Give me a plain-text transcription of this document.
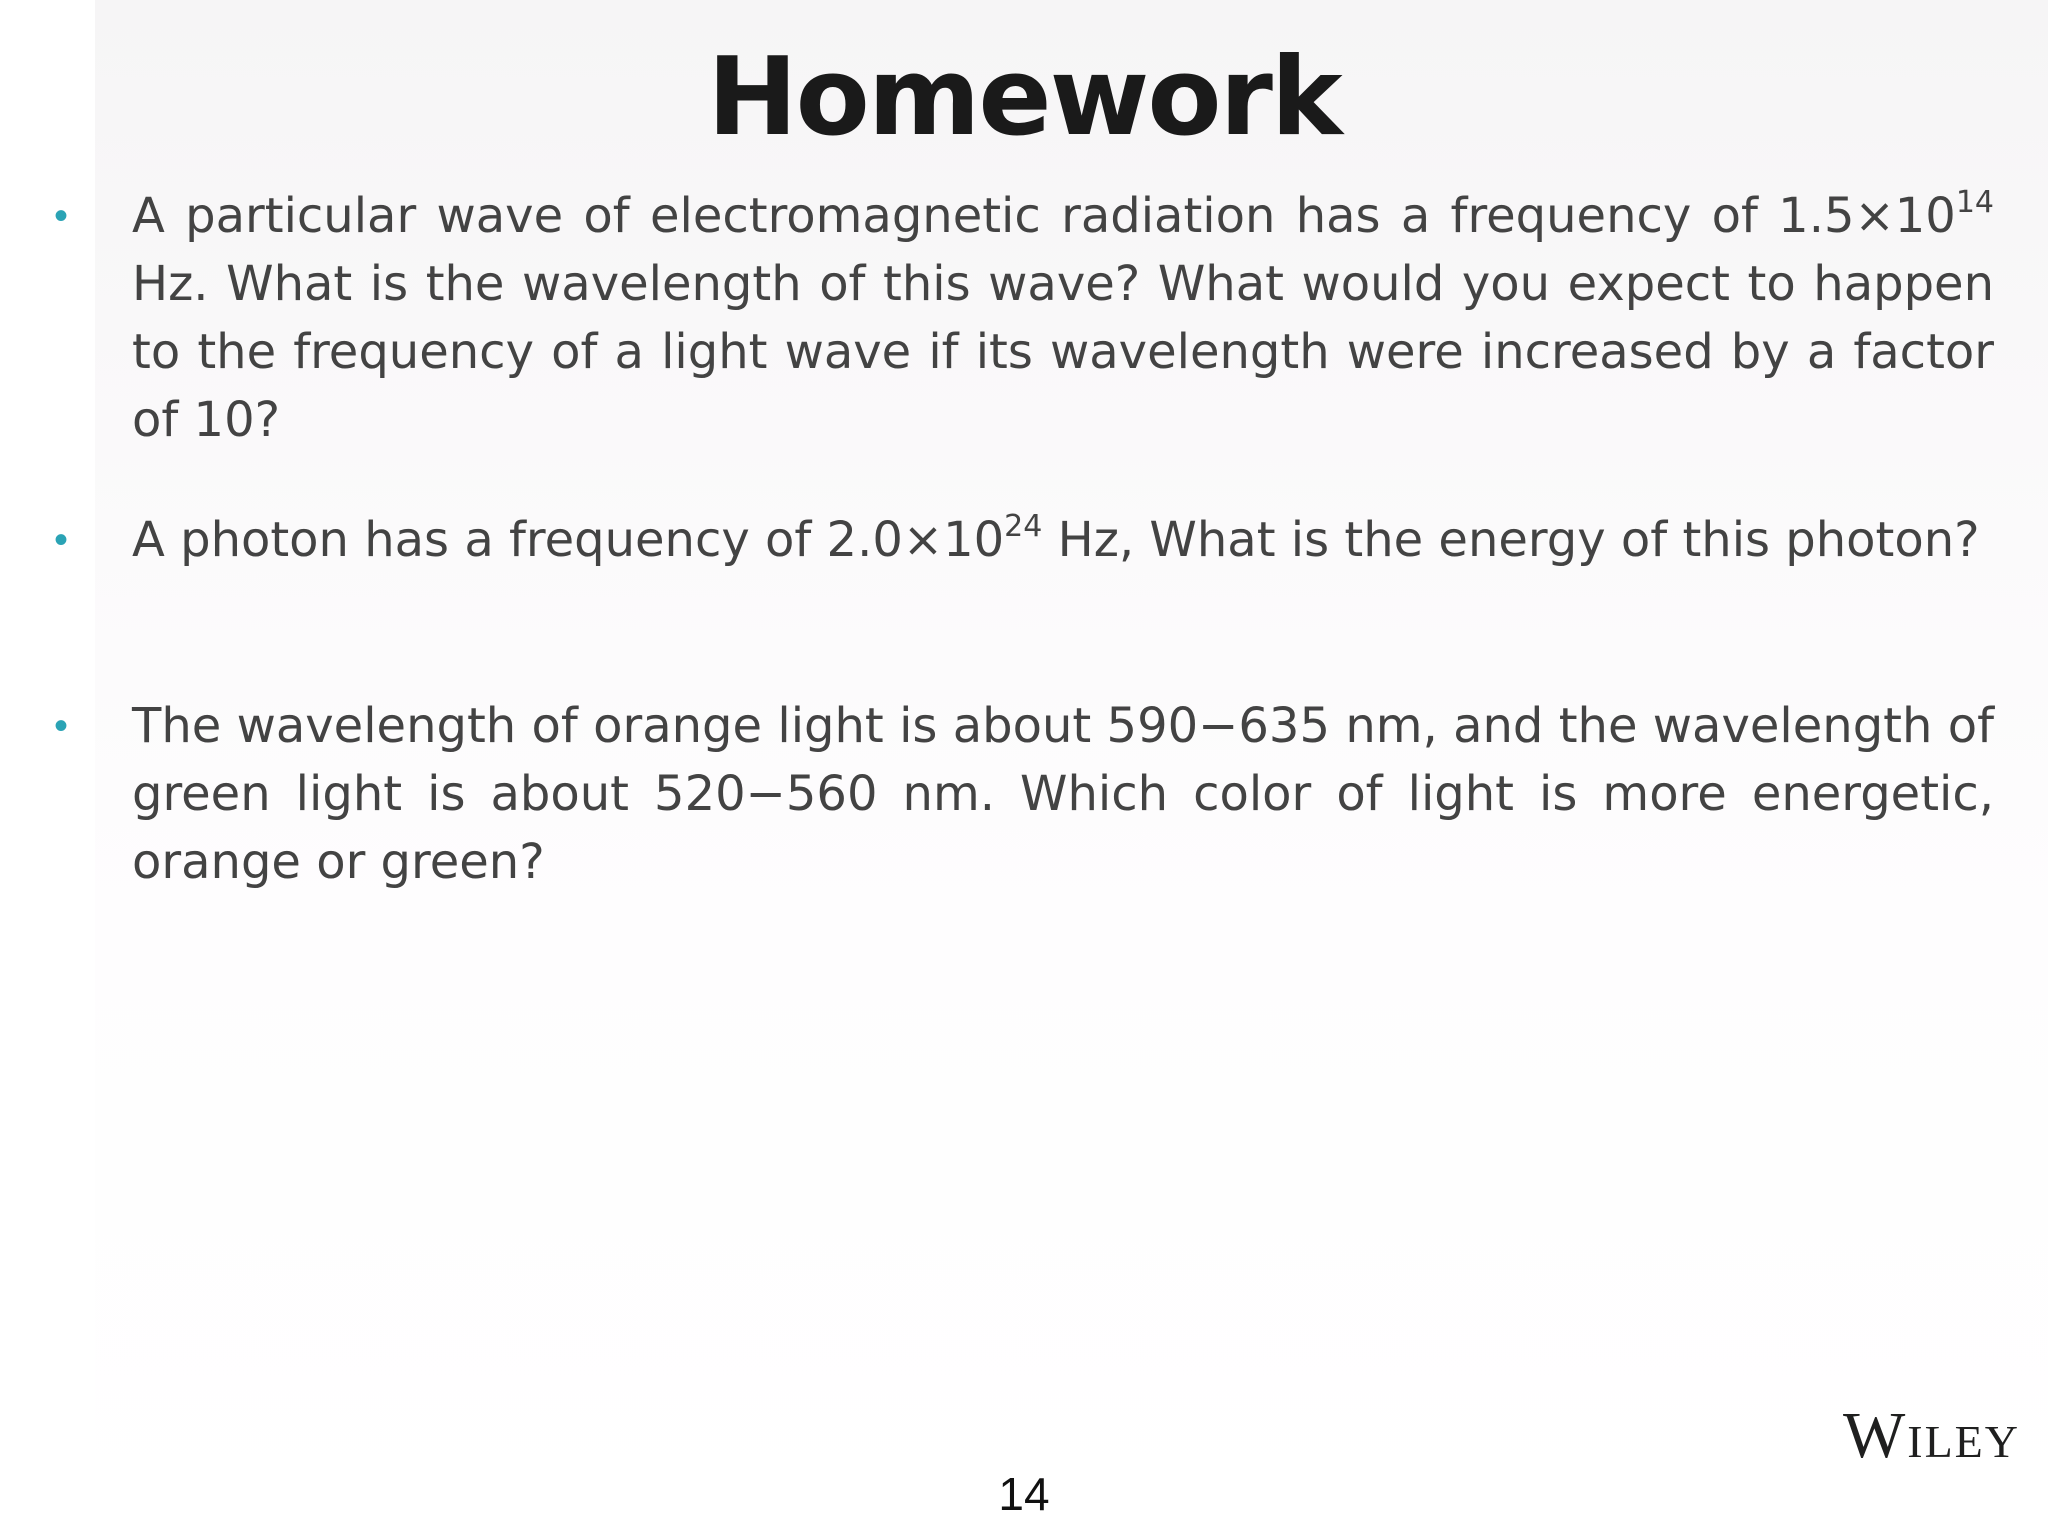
Homework
• A particular wave of electromagnetic radiation has a frequency of $1.5\times 10^{14}$ Hz. What is the wavelength of this wave? What would you expect to happen to the frequency of a light wave if its wavelength were increased by a factor of 10?
• A photon has a frequency of $2.0\times 10^{24}$ Hz, What is the energy of this photon?
• The wavelength of orange light is about 590−635 nm, and the wavelength of green light is about 520−560 nm. Which color of light is more energetic, orange or green?
Wiley
14
